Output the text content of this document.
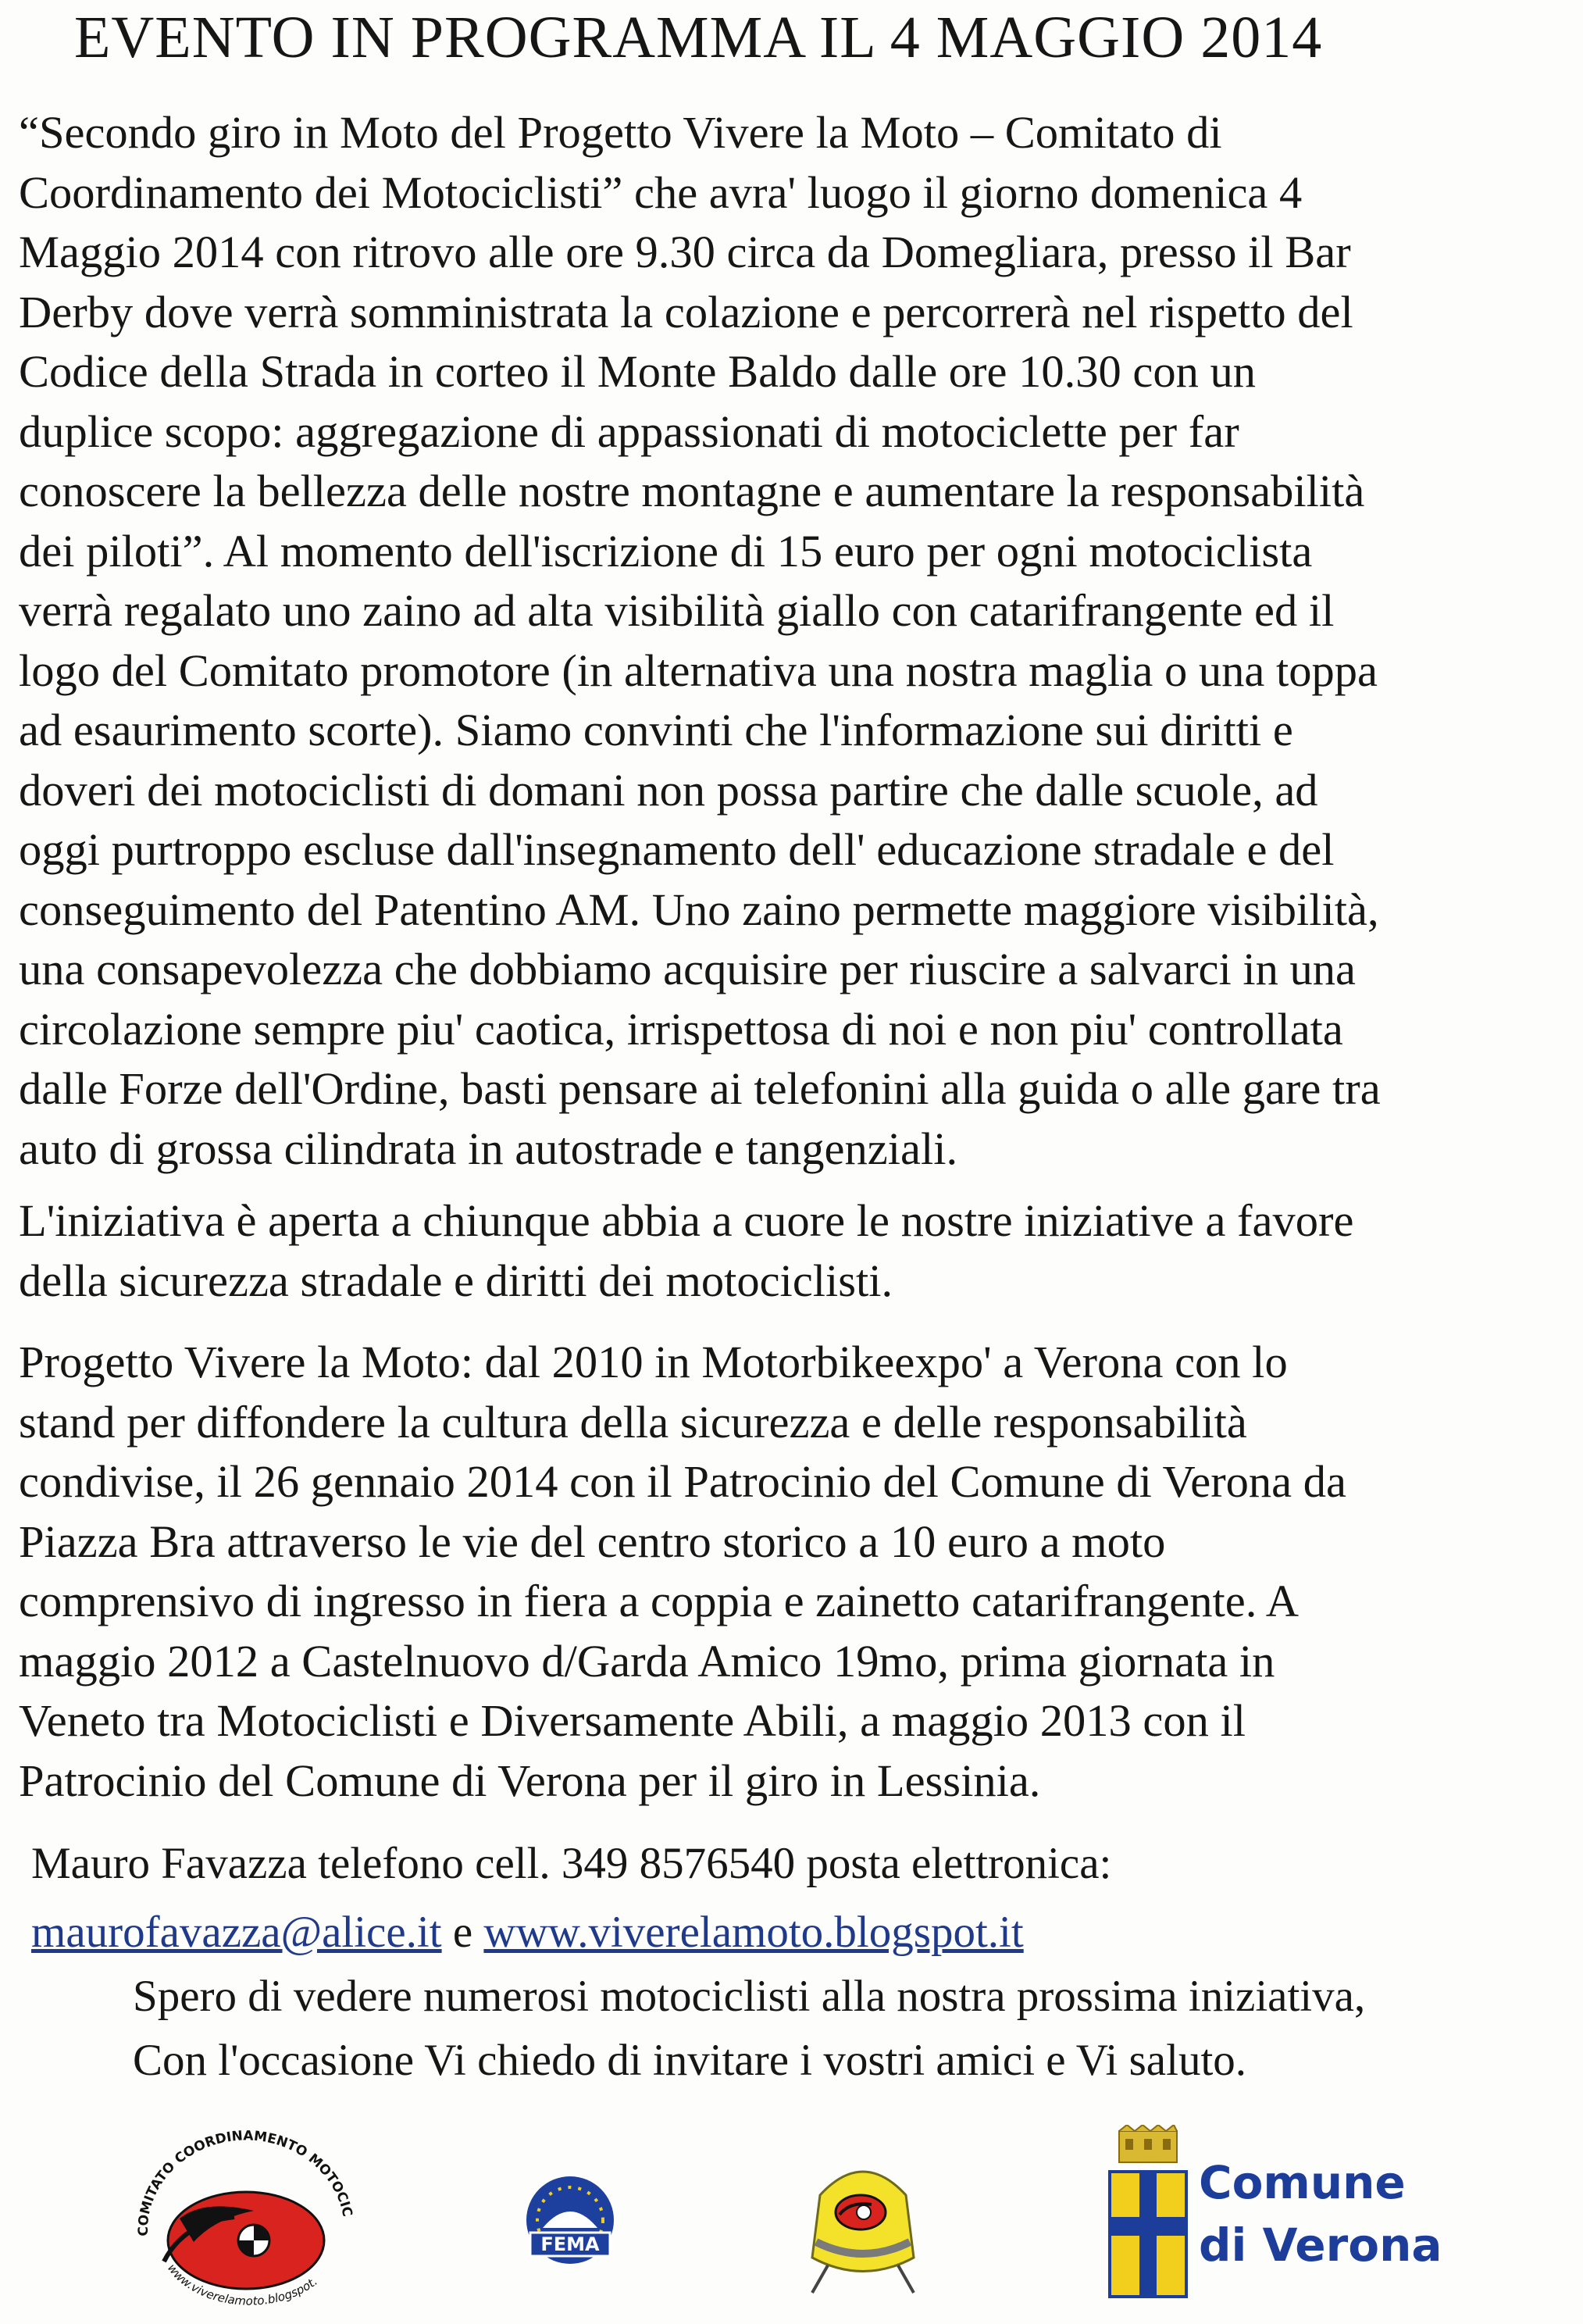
EVENTO IN PROGRAMMA IL 4 MAGGIO 2014
“Secondo giro in Moto del Progetto Vivere la Moto – Comitato di
Coordinamento dei Motociclisti” che avra' luogo il giorno domenica 4
Maggio 2014 con ritrovo alle ore 9.30 circa da Domegliara, presso il Bar
Derby dove verrà somministrata la colazione e percorrerà nel rispetto del
Codice della Strada in corteo il Monte Baldo dalle ore 10.30 con un
duplice scopo: aggregazione di appassionati di motociclette per far
conoscere la bellezza delle nostre montagne e aumentare la responsabilità
dei piloti”. Al momento dell'iscrizione di 15 euro per ogni motociclista
verrà regalato uno zaino ad alta visibilità giallo con catarifrangente ed il
logo del Comitato promotore (in alternativa una nostra maglia o una toppa
ad esaurimento scorte). Siamo convinti che l'informazione sui diritti e
doveri dei motociclisti di domani non possa partire che dalle scuole, ad
oggi purtroppo escluse dall'insegnamento dell' educazione stradale e del
conseguimento del Patentino AM. Uno zaino permette maggiore visibilità,
una consapevolezza che dobbiamo acquisire per riuscire a salvarci in una
circolazione sempre piu' caotica, irrispettosa di noi e non piu' controllata
dalle Forze dell'Ordine, basti pensare ai telefonini alla guida o alle gare tra
auto di grossa cilindrata in autostrade e tangenziali.
L'iniziativa è aperta a chiunque abbia a cuore le nostre iniziative a favore
della sicurezza stradale e diritti dei motociclisti.
Progetto Vivere la Moto: dal 2010 in Motorbikeexpo' a Verona con lo
stand per diffondere la cultura della sicurezza e delle responsabilità
condivise, il 26 gennaio 2014 con il Patrocinio del Comune di Verona da
Piazza Bra attraverso le vie del centro storico a 10 euro a moto
comprensivo di ingresso in fiera a coppia e zainetto catarifrangente. A
maggio 2012 a Castelnuovo d/Garda Amico 19mo, prima giornata in
Veneto tra Motociclisti e Diversamente Abili, a maggio 2013 con il
Patrocinio del Comune di Verona per il giro in Lessinia.
Mauro Favazza telefono cell. 349 8576540 posta elettronica:
maurofavazza@alice.it e www.viverelamoto.blogspot.it
Spero di vedere numerosi motociclisti alla nostra prossima iniziativa,
Con l'occasione Vi chiedo di invitare i vostri amici e Vi saluto.
COMITATO COORDINAMENTO MOTOCIC
www.viverelamoto.blogspot.
FEMA
Comune
di Verona
